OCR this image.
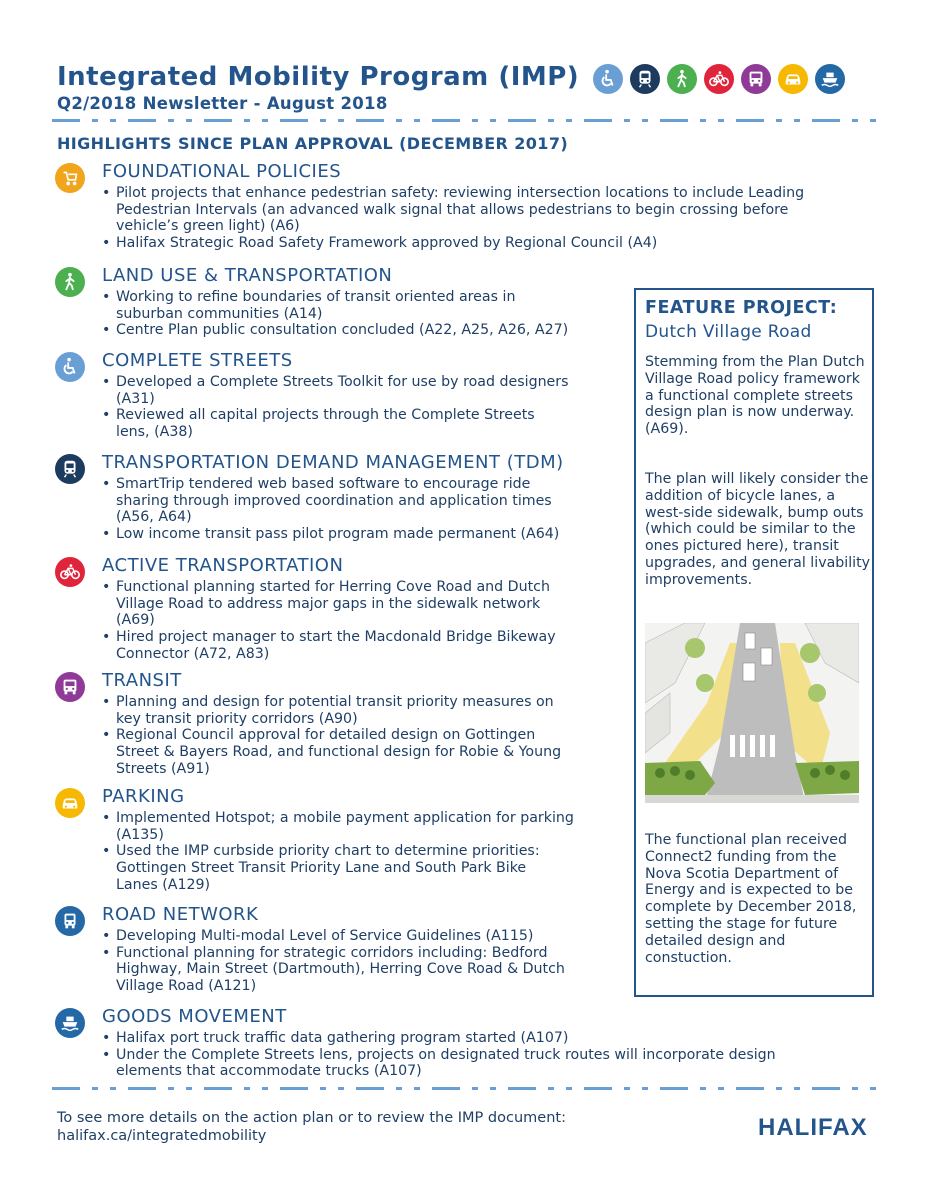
Integrated Mobility Program (IMP)
Q2/2018 Newsletter - August 2018
HIGHLIGHTS SINCE PLAN APPROVAL (DECEMBER 2017)
FOUNDATIONAL POLICIES
• Pilot projects that enhance pedestrian safety: reviewing intersection locations to include Leading
Pedestrian Intervals (an advanced walk signal that allows pedestrians to begin crossing before
vehicle’s green light) (A6)
• Halifax Strategic Road Safety Framework approved by Regional Council (A4)
LAND USE & TRANSPORTATION
• Working to refine boundaries of transit oriented areas in
suburban communities (A14)
• Centre Plan public consultation concluded (A22, A25, A26, A27)
COMPLETE STREETS
• Developed a Complete Streets Toolkit for use by road designers
(A31)
• Reviewed all capital projects through the Complete Streets
lens, (A38)
TRANSPORTATION DEMAND MANAGEMENT (TDM)
• SmartTrip tendered web based software to encourage ride
sharing through improved coordination and application times
(A56, A64)
• Low income transit pass pilot program made permanent (A64)
ACTIVE TRANSPORTATION
• Functional planning started for Herring Cove Road and Dutch
Village Road to address major gaps in the sidewalk network
(A69)
• Hired project manager to start the Macdonald Bridge Bikeway
Connector (A72, A83)
TRANSIT
• Planning and design for potential transit priority measures on
key transit priority corridors (A90)
• Regional Council approval for detailed design on Gottingen
Street & Bayers Road, and functional design for Robie & Young
Streets (A91)
PARKING
• Implemented Hotspot; a mobile payment application for parking
(A135)
• Used the IMP curbside priority chart to determine priorities:
Gottingen Street Transit Priority Lane and South Park Bike
Lanes (A129)
ROAD NETWORK
• Developing Multi-modal Level of Service Guidelines (A115)
• Functional planning for strategic corridors including: Bedford
Highway, Main Street (Dartmouth), Herring Cove Road & Dutch
Village Road (A121)
GOODS MOVEMENT
• Halifax port truck traffic data gathering program started (A107)
• Under the Complete Streets lens, projects on designated truck routes will incorporate design
elements that accommodate trucks (A107)
FEATURE PROJECT:
Dutch Village Road

Stemming from the Plan Dutch Village Road policy framework a functional complete streets design plan is now underway. (A69).

The plan will likely consider the addition of bicycle lanes, a west-side sidewalk, bump outs (which could be similar to the ones pictured here), transit upgrades, and general livability improvements.

The functional plan received Connect2 funding from the Nova Scotia Department of Energy and is expected to be complete by December 2018, setting the stage for future detailed design and constuction.

To see more details on the action plan or to review the IMP document:
halifax.ca/integratedmobility	HALIFAX
